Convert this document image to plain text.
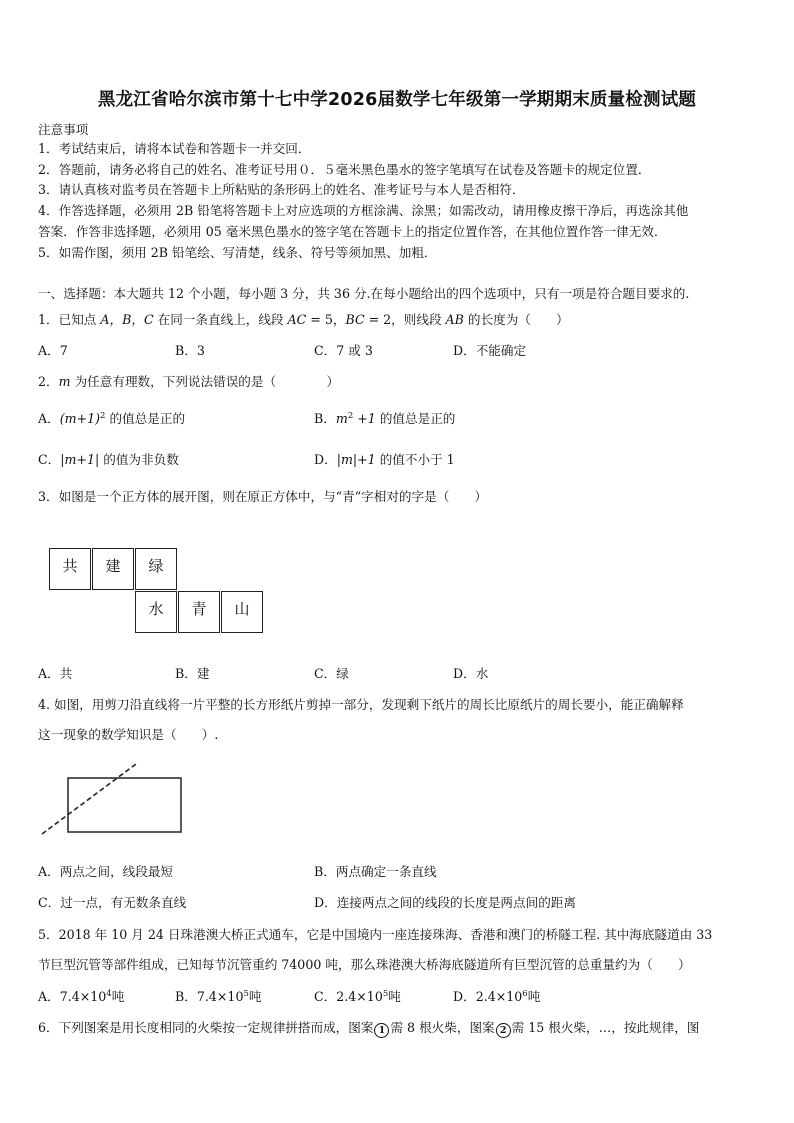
黑龙江省哈尔滨市第十七中学2026届数学七年级第一学期期末质量检测试题
注意事项
1．考试结束后，请将本试卷和答题卡一并交回．
2．答题前，请务必将自己的姓名、准考证号用０．５毫米黑色墨水的签字笔填写在试卷及答题卡的规定位置．
3．请认真核对监考员在答题卡上所粘贴的条形码上的姓名、准考证号与本人是否相符．
4．作答选择题，必须用 2B 铅笔将答题卡上对应选项的方框涂满、涂黑；如需改动，请用橡皮擦干净后，再选涂其他
答案．作答非选择题，必须用 05 毫米黑色墨水的签字笔在答题卡上的指定位置作答，在其他位置作答一律无效．
5．如需作图，须用 2B 铅笔绘、写清楚，线条、符号等须加黑、加粗．
一、选择题：本大题共 12 个小题，每小题 3 分，共 36 分.在每小题给出的四个选项中，只有一项是符合题目要求的.
1．已知点 A，B，C 在同一条直线上，线段 AC = 5，BC = 2，则线段 AB 的长度为（　　）
A．7	B．3	C．7 或 3	D．不能确定
2．m 为任意有理数，下列说法错误的是（　　　　）
A．$(m+1)^2$ 的值总是正的	B．$m^2 +1$ 的值总是正的
C．|m+1| 的值为非负数	D．|m|+1 的值不小于 1
3．如图是一个正方体的展开图，则在原正方体中，与“青”字相对的字是（　　）
共	建	绿
水	青	山
A．共	B．建	C．绿	D．水
4. 如图，用剪刀沿直线将一片平整的长方形纸片剪掉一部分，发现剩下纸片的周长比原纸片的周长要小，能正确解释
这一现象的数学知识是（　　）.
A．两点之间，线段最短	B．两点确定一条直线
C．过一点，有无数条直线	D．连接两点之间的线段的长度是两点间的距离
5．2018 年 10 月 24 日珠港澳大桥正式通车，它是中国境内一座连接珠海、香港和澳门的桥隧工程. 其中海底隧道由 33
节巨型沉管等部件组成，已知每节沉管重约 74000 吨，那么珠港澳大桥海底隧道所有巨型沉管的总重量约为（　　）
A．$7.4\times 10^4$吨	B．$7.4\times 10^5$吨	C．$2.4\times 10^5$吨	D．$2.4\times 10^6$吨
6．下列图案是用长度相同的火柴按一定规律拼搭而成，图案 1 需 8 根火柴，图案 2 需 15 根火柴，…，按此规律，图
